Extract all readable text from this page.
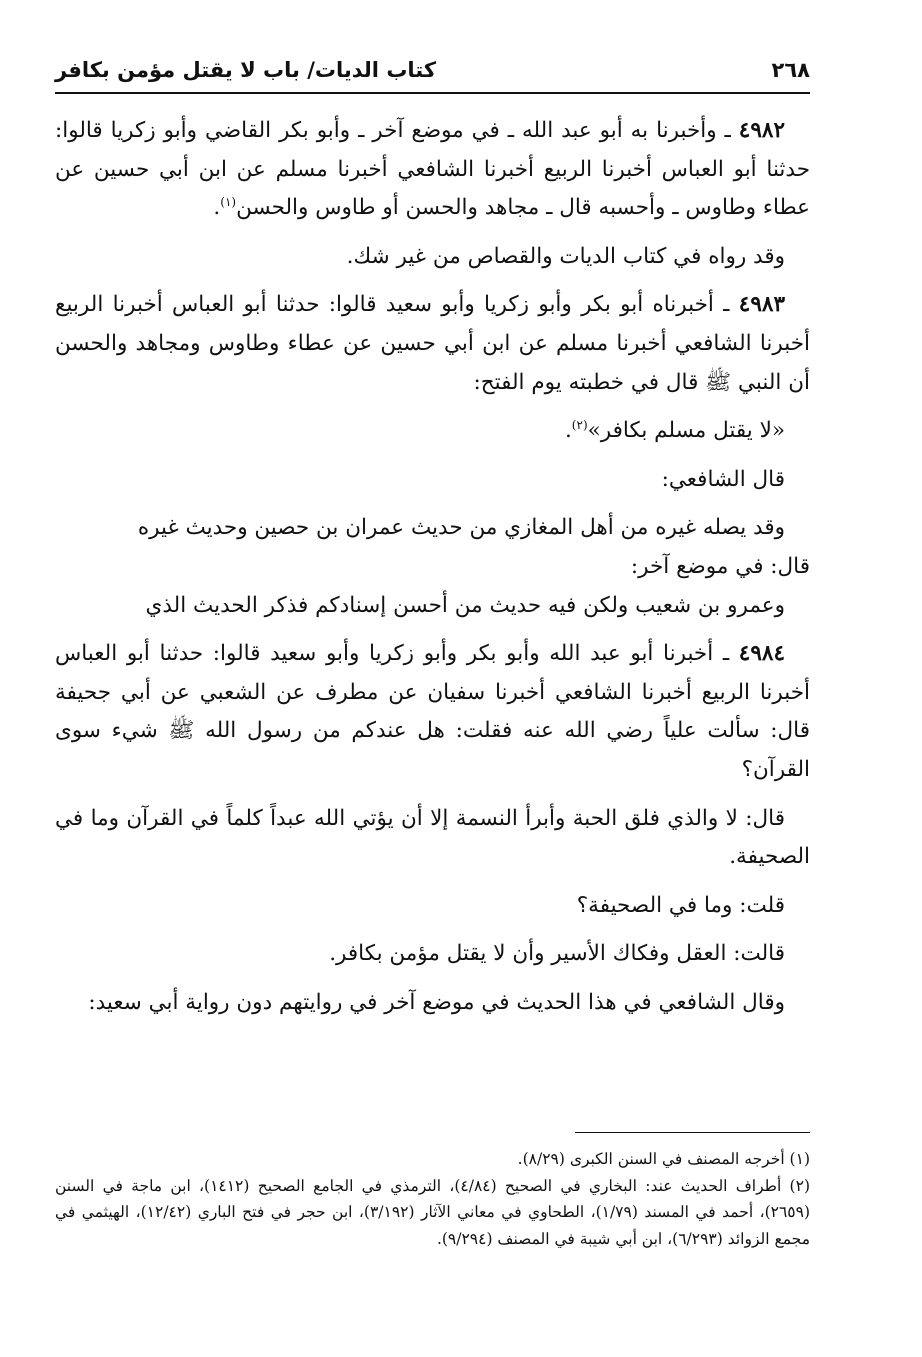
٢٦٨
كتاب الديات/ باب لا يقتل مؤمن بكافر

٤٩٨٢ ـ وأخبرنا به أبو عبد الله ـ في موضع آخر ـ وأبو بكر القاضي وأبو زكريا قالوا: حدثنا أبو العباس أخبرنا الربيع أخبرنا الشافعي أخبرنا مسلم عن ابن أبي حسين عن عطاء وطاوس ـ وأحسبه قال ـ مجاهد والحسن أو طاوس والحسن$^{(١)}$.

وقد رواه في كتاب الديات والقصاص من غير شك.

٤٩٨٣ ـ أخبرناه أبو بكر وأبو زكريا وأبو سعيد قالوا: حدثنا أبو العباس أخبرنا الربيع أخبرنا الشافعي أخبرنا مسلم عن ابن أبي حسين عن عطاء وطاوس ومجاهد والحسن أن النبي ﷺ قال في خطبته يوم الفتح:

«لا يقتل مسلم بكافر»$^{(٢)}$.

قال الشافعي:

وقد يصله غيره من أهل المغازي من حديث عمران بن حصين وحديث غيره

قال: في موضع آخر:

وعمرو بن شعيب ولكن فيه حديث من أحسن إسنادكم فذكر الحديث الذي

٤٩٨٤ ـ أخبرنا أبو عبد الله وأبو بكر وأبو زكريا وأبو سعيد قالوا: حدثنا أبو العباس أخبرنا الربيع أخبرنا الشافعي أخبرنا سفيان عن مطرف عن الشعبي عن أبي جحيفة قال: سألت علياً رضي الله عنه فقلت: هل عندكم من رسول الله ﷺ شيء سوى القرآن؟

قال: لا والذي فلق الحبة وأبرأ النسمة إلا أن يؤتي الله عبداً كلماً في القرآن وما في الصحيفة.

قلت: وما في الصحيفة؟

قالت: العقل وفكاك الأسير وأن لا يقتل مؤمن بكافر.

وقال الشافعي في هذا الحديث في موضع آخر في روايتهم دون رواية أبي سعيد:

(١) أخرجه المصنف في السنن الكبرى (٨/٢٩).

(٢) أطراف الحديث عند: البخاري في الصحيح (٤/٨٤)، الترمذي في الجامع الصحيح (١٤١٢)، ابن ماجة في السنن (٢٦٥٩)، أحمد في المسند (١/٧٩)، الطحاوي في معاني الآثار (٣/١٩٢)، ابن حجر في فتح الباري (١٢/٤٢)، الهيثمي في مجمع الزوائد (٦/٢٩٣)، ابن أبي شيبة في المصنف (٩/٢٩٤).
